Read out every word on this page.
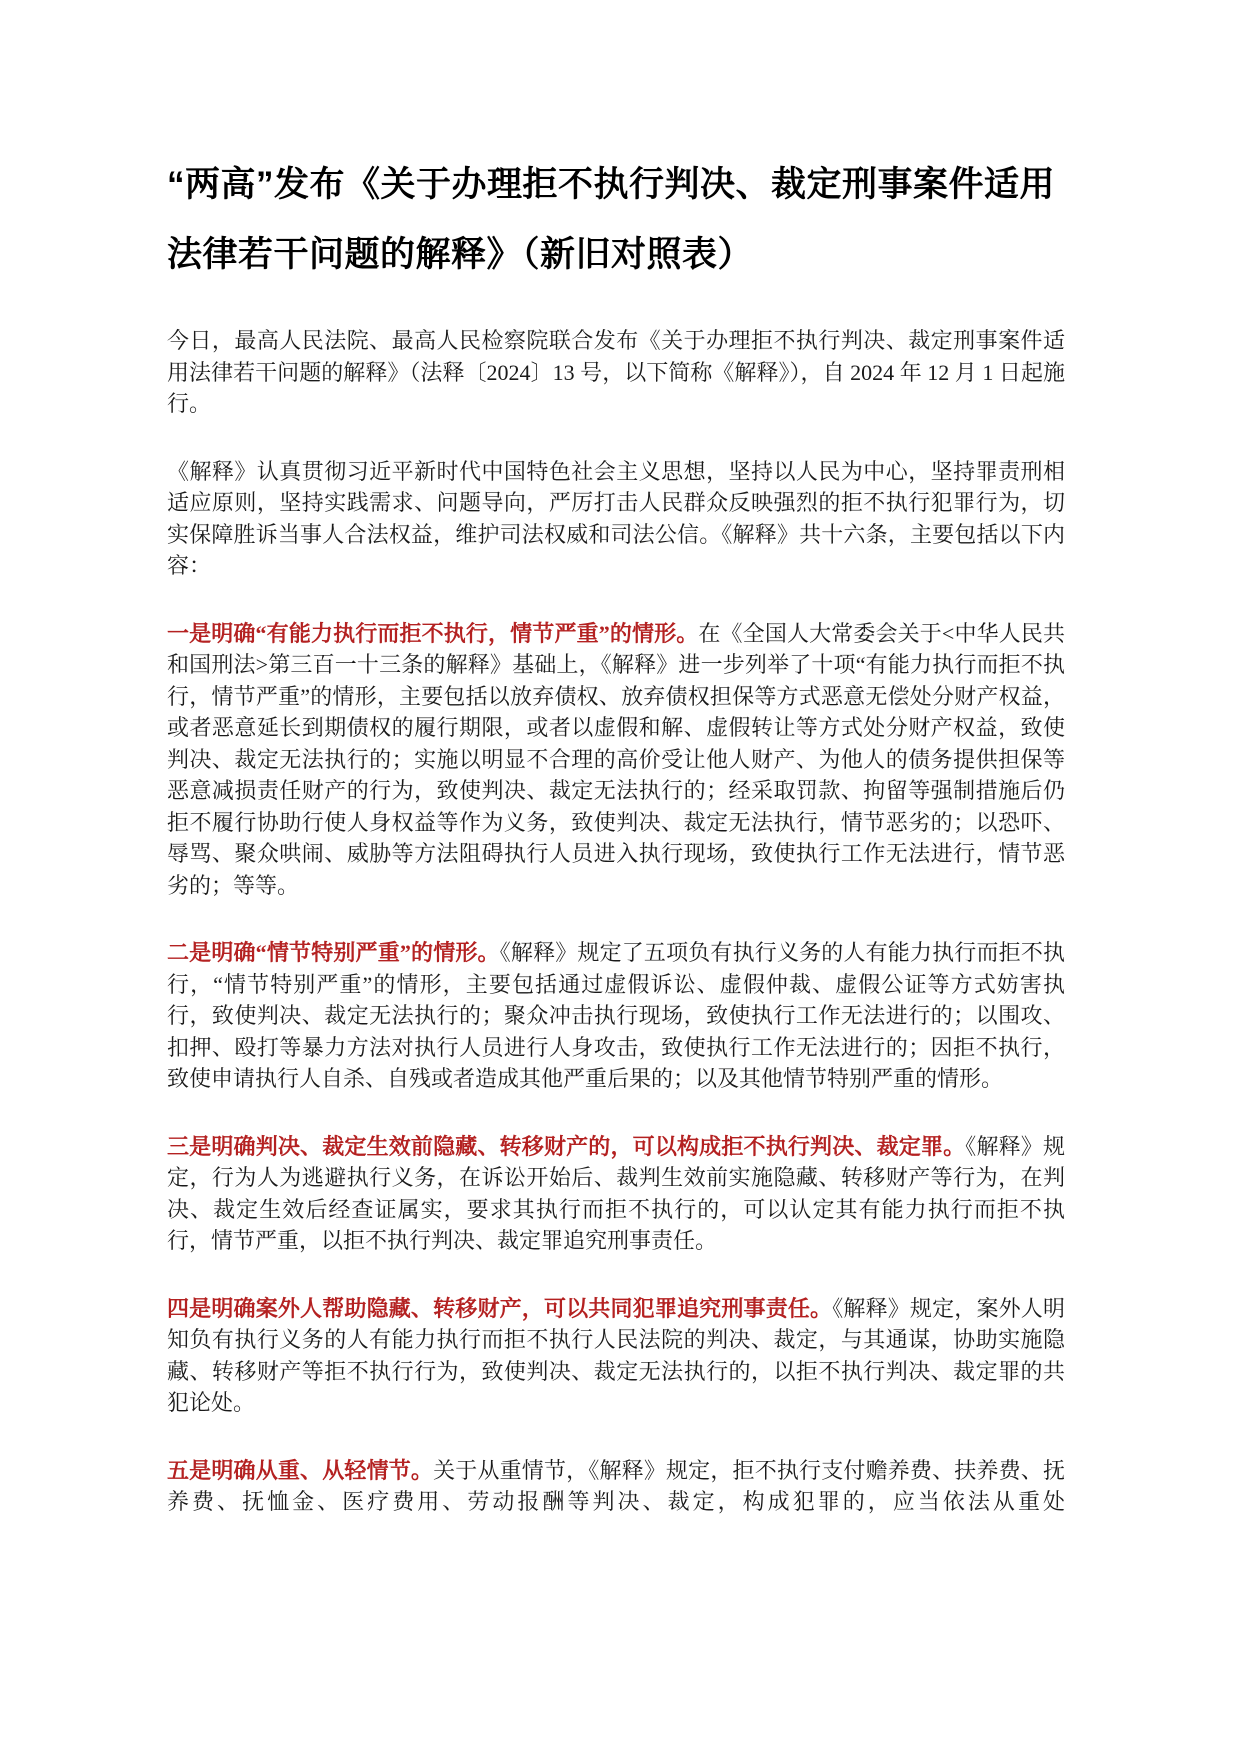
“两高”发布《关于办理拒不执行判决、裁定刑事案件适用法律若干问题的解释》（新旧对照表）

今日，最高人民法院、最高人民检察院联合发布《关于办理拒不执行判决、裁定刑事案件适用法律若干问题的解释》（法释〔2024〕13 号，以下简称《解释》），自 2024 年 12 月 1 日起施行。

《解释》认真贯彻习近平新时代中国特色社会主义思想，坚持以人民为中心，坚持罪责刑相适应原则，坚持实践需求、问题导向，严厉打击人民群众反映强烈的拒不执行犯罪行为，切实保障胜诉当事人合法权益，维护司法权威和司法公信。《解释》共十六条，主要包括以下内容：

一是明确“有能力执行而拒不执行，情节严重”的情形。在《全国人大常委会关于<中华人民共和国刑法>第三百一十三条的解释》基础上，《解释》进一步列举了十项“有能力执行而拒不执行，情节严重”的情形，主要包括以放弃债权、放弃债权担保等方式恶意无偿处分财产权益，或者恶意延长到期债权的履行期限，或者以虚假和解、虚假转让等方式处分财产权益，致使判决、裁定无法执行的；实施以明显不合理的高价受让他人财产、为他人的债务提供担保等恶意减损责任财产的行为，致使判决、裁定无法执行的；经采取罚款、拘留等强制措施后仍拒不履行协助行使人身权益等作为义务，致使判决、裁定无法执行，情节恶劣的；以恐吓、辱骂、聚众哄闹、威胁等方法阻碍执行人员进入执行现场，致使执行工作无法进行，情节恶劣的；等等。

二是明确“情节特别严重”的情形。《解释》规定了五项负有执行义务的人有能力执行而拒不执行，“情节特别严重”的情形，主要包括通过虚假诉讼、虚假仲裁、虚假公证等方式妨害执行，致使判决、裁定无法执行的；聚众冲击执行现场，致使执行工作无法进行的；以围攻、扣押、殴打等暴力方法对执行人员进行人身攻击，致使执行工作无法进行的；因拒不执行，致使申请执行人自杀、自残或者造成其他严重后果的；以及其他情节特别严重的情形。

三是明确判决、裁定生效前隐藏、转移财产的，可以构成拒不执行判决、裁定罪。《解释》规定，行为人为逃避执行义务，在诉讼开始后、裁判生效前实施隐藏、转移财产等行为，在判决、裁定生效后经查证属实，要求其执行而拒不执行的，可以认定其有能力执行而拒不执行，情节严重，以拒不执行判决、裁定罪追究刑事责任。

四是明确案外人帮助隐藏、转移财产，可以共同犯罪追究刑事责任。《解释》规定，案外人明知负有执行义务的人有能力执行而拒不执行人民法院的判决、裁定，与其通谋，协助实施隐藏、转移财产等拒不执行行为，致使判决、裁定无法执行的，以拒不执行判决、裁定罪的共犯论处。

五是明确从重、从轻情节。关于从重情节，《解释》规定，拒不执行支付赡养费、扶养费、抚养费、抚恤金、医疗费用、劳动报酬等判决、裁定，构成犯罪的，应当依法从重处
